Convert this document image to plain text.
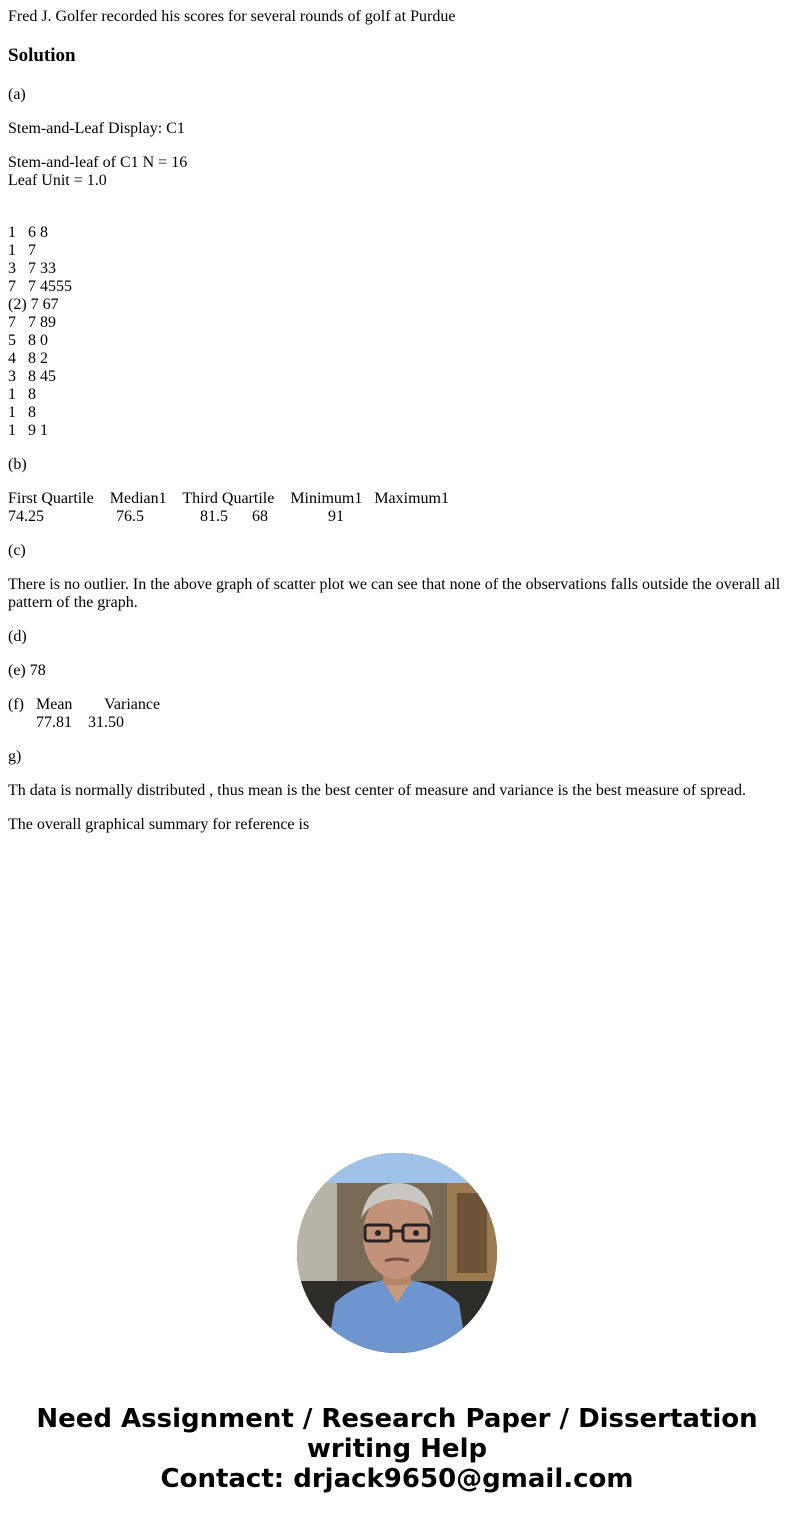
Fred J. Golfer recorded his scores for several rounds of golf at Purdue
Solution
(a)
Stem-and-Leaf Display: C1
Stem-and-leaf of C1 N = 16
Leaf Unit = 1.0
1   6 8
1   7
3   7 33
7   7 4555
(2) 7 67
7   7 89
5   8 0
4   8 2
3   8 45
1   8
1   8
1   9 1
(b)
First Quartile    Median1    Third Quartile    Minimum1   Maximum1
74.25                  76.5              81.5      68               91
(c)
There is no outlier. In the above graph of scatter plot we can see that none of the observations falls outside the overall all pattern of the graph.
(d)
(e) 78
(f)   Mean        Variance
77.81    31.50
g)
Th data is normally distributed , thus mean is the best center of measure and variance is the best measure of spread.
The overall graphical summary for reference is
Need Assignment / Research Paper / Dissertation
writing Help
Contact: drjack9650@gmail.com
